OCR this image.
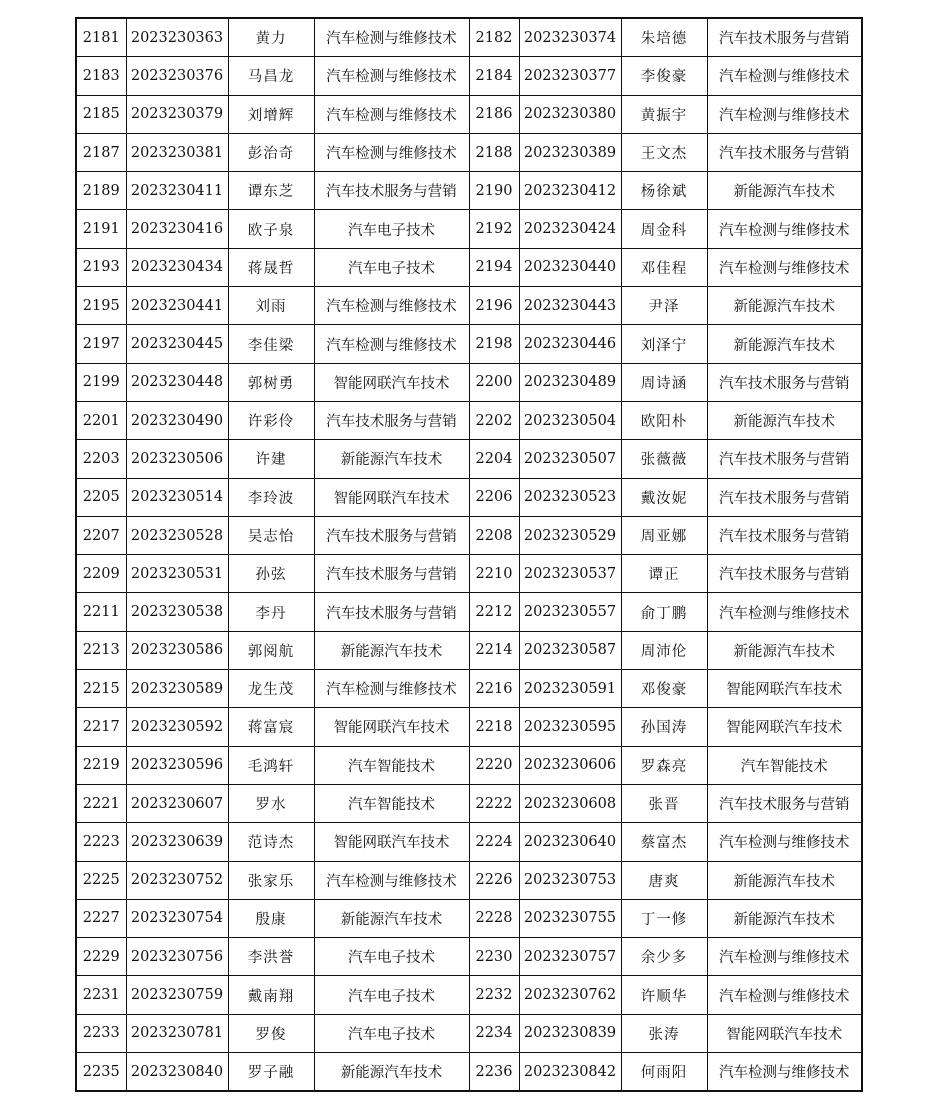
2181	2023230363	黄力	汽车检测与维修技术	2182	2023230374	朱培德	汽车技术服务与营销
2183	2023230376	马昌龙	汽车检测与维修技术	2184	2023230377	李俊豪	汽车检测与维修技术
2185	2023230379	刘增辉	汽车检测与维修技术	2186	2023230380	黄振宇	汽车检测与维修技术
2187	2023230381	彭治奇	汽车检测与维修技术	2188	2023230389	王文杰	汽车技术服务与营销
2189	2023230411	谭东芝	汽车技术服务与营销	2190	2023230412	杨徐斌	新能源汽车技术
2191	2023230416	欧子泉	汽车电子技术	2192	2023230424	周金科	汽车检测与维修技术
2193	2023230434	蒋晟哲	汽车电子技术	2194	2023230440	邓佳程	汽车检测与维修技术
2195	2023230441	刘雨	汽车检测与维修技术	2196	2023230443	尹泽	新能源汽车技术
2197	2023230445	李佳梁	汽车检测与维修技术	2198	2023230446	刘泽宁	新能源汽车技术
2199	2023230448	郭树勇	智能网联汽车技术	2200	2023230489	周诗涵	汽车技术服务与营销
2201	2023230490	许彩伶	汽车技术服务与营销	2202	2023230504	欧阳朴	新能源汽车技术
2203	2023230506	许建	新能源汽车技术	2204	2023230507	张薇薇	汽车技术服务与营销
2205	2023230514	李玲波	智能网联汽车技术	2206	2023230523	戴汝妮	汽车技术服务与营销
2207	2023230528	吴志怡	汽车技术服务与营销	2208	2023230529	周亚娜	汽车技术服务与营销
2209	2023230531	孙弦	汽车技术服务与营销	2210	2023230537	谭正	汽车技术服务与营销
2211	2023230538	李丹	汽车技术服务与营销	2212	2023230557	俞丁鹏	汽车检测与维修技术
2213	2023230586	郭阅航	新能源汽车技术	2214	2023230587	周沛伦	新能源汽车技术
2215	2023230589	龙生茂	汽车检测与维修技术	2216	2023230591	邓俊豪	智能网联汽车技术
2217	2023230592	蒋富宸	智能网联汽车技术	2218	2023230595	孙国涛	智能网联汽车技术
2219	2023230596	毛鸿轩	汽车智能技术	2220	2023230606	罗森亮	汽车智能技术
2221	2023230607	罗水	汽车智能技术	2222	2023230608	张晋	汽车技术服务与营销
2223	2023230639	范诗杰	智能网联汽车技术	2224	2023230640	蔡富杰	汽车检测与维修技术
2225	2023230752	张家乐	汽车检测与维修技术	2226	2023230753	唐爽	新能源汽车技术
2227	2023230754	殷康	新能源汽车技术	2228	2023230755	丁一修	新能源汽车技术
2229	2023230756	李洪誉	汽车电子技术	2230	2023230757	余少多	汽车检测与维修技术
2231	2023230759	戴南翔	汽车电子技术	2232	2023230762	许顺华	汽车检测与维修技术
2233	2023230781	罗俊	汽车电子技术	2234	2023230839	张涛	智能网联汽车技术
2235	2023230840	罗子融	新能源汽车技术	2236	2023230842	何雨阳	汽车检测与维修技术
